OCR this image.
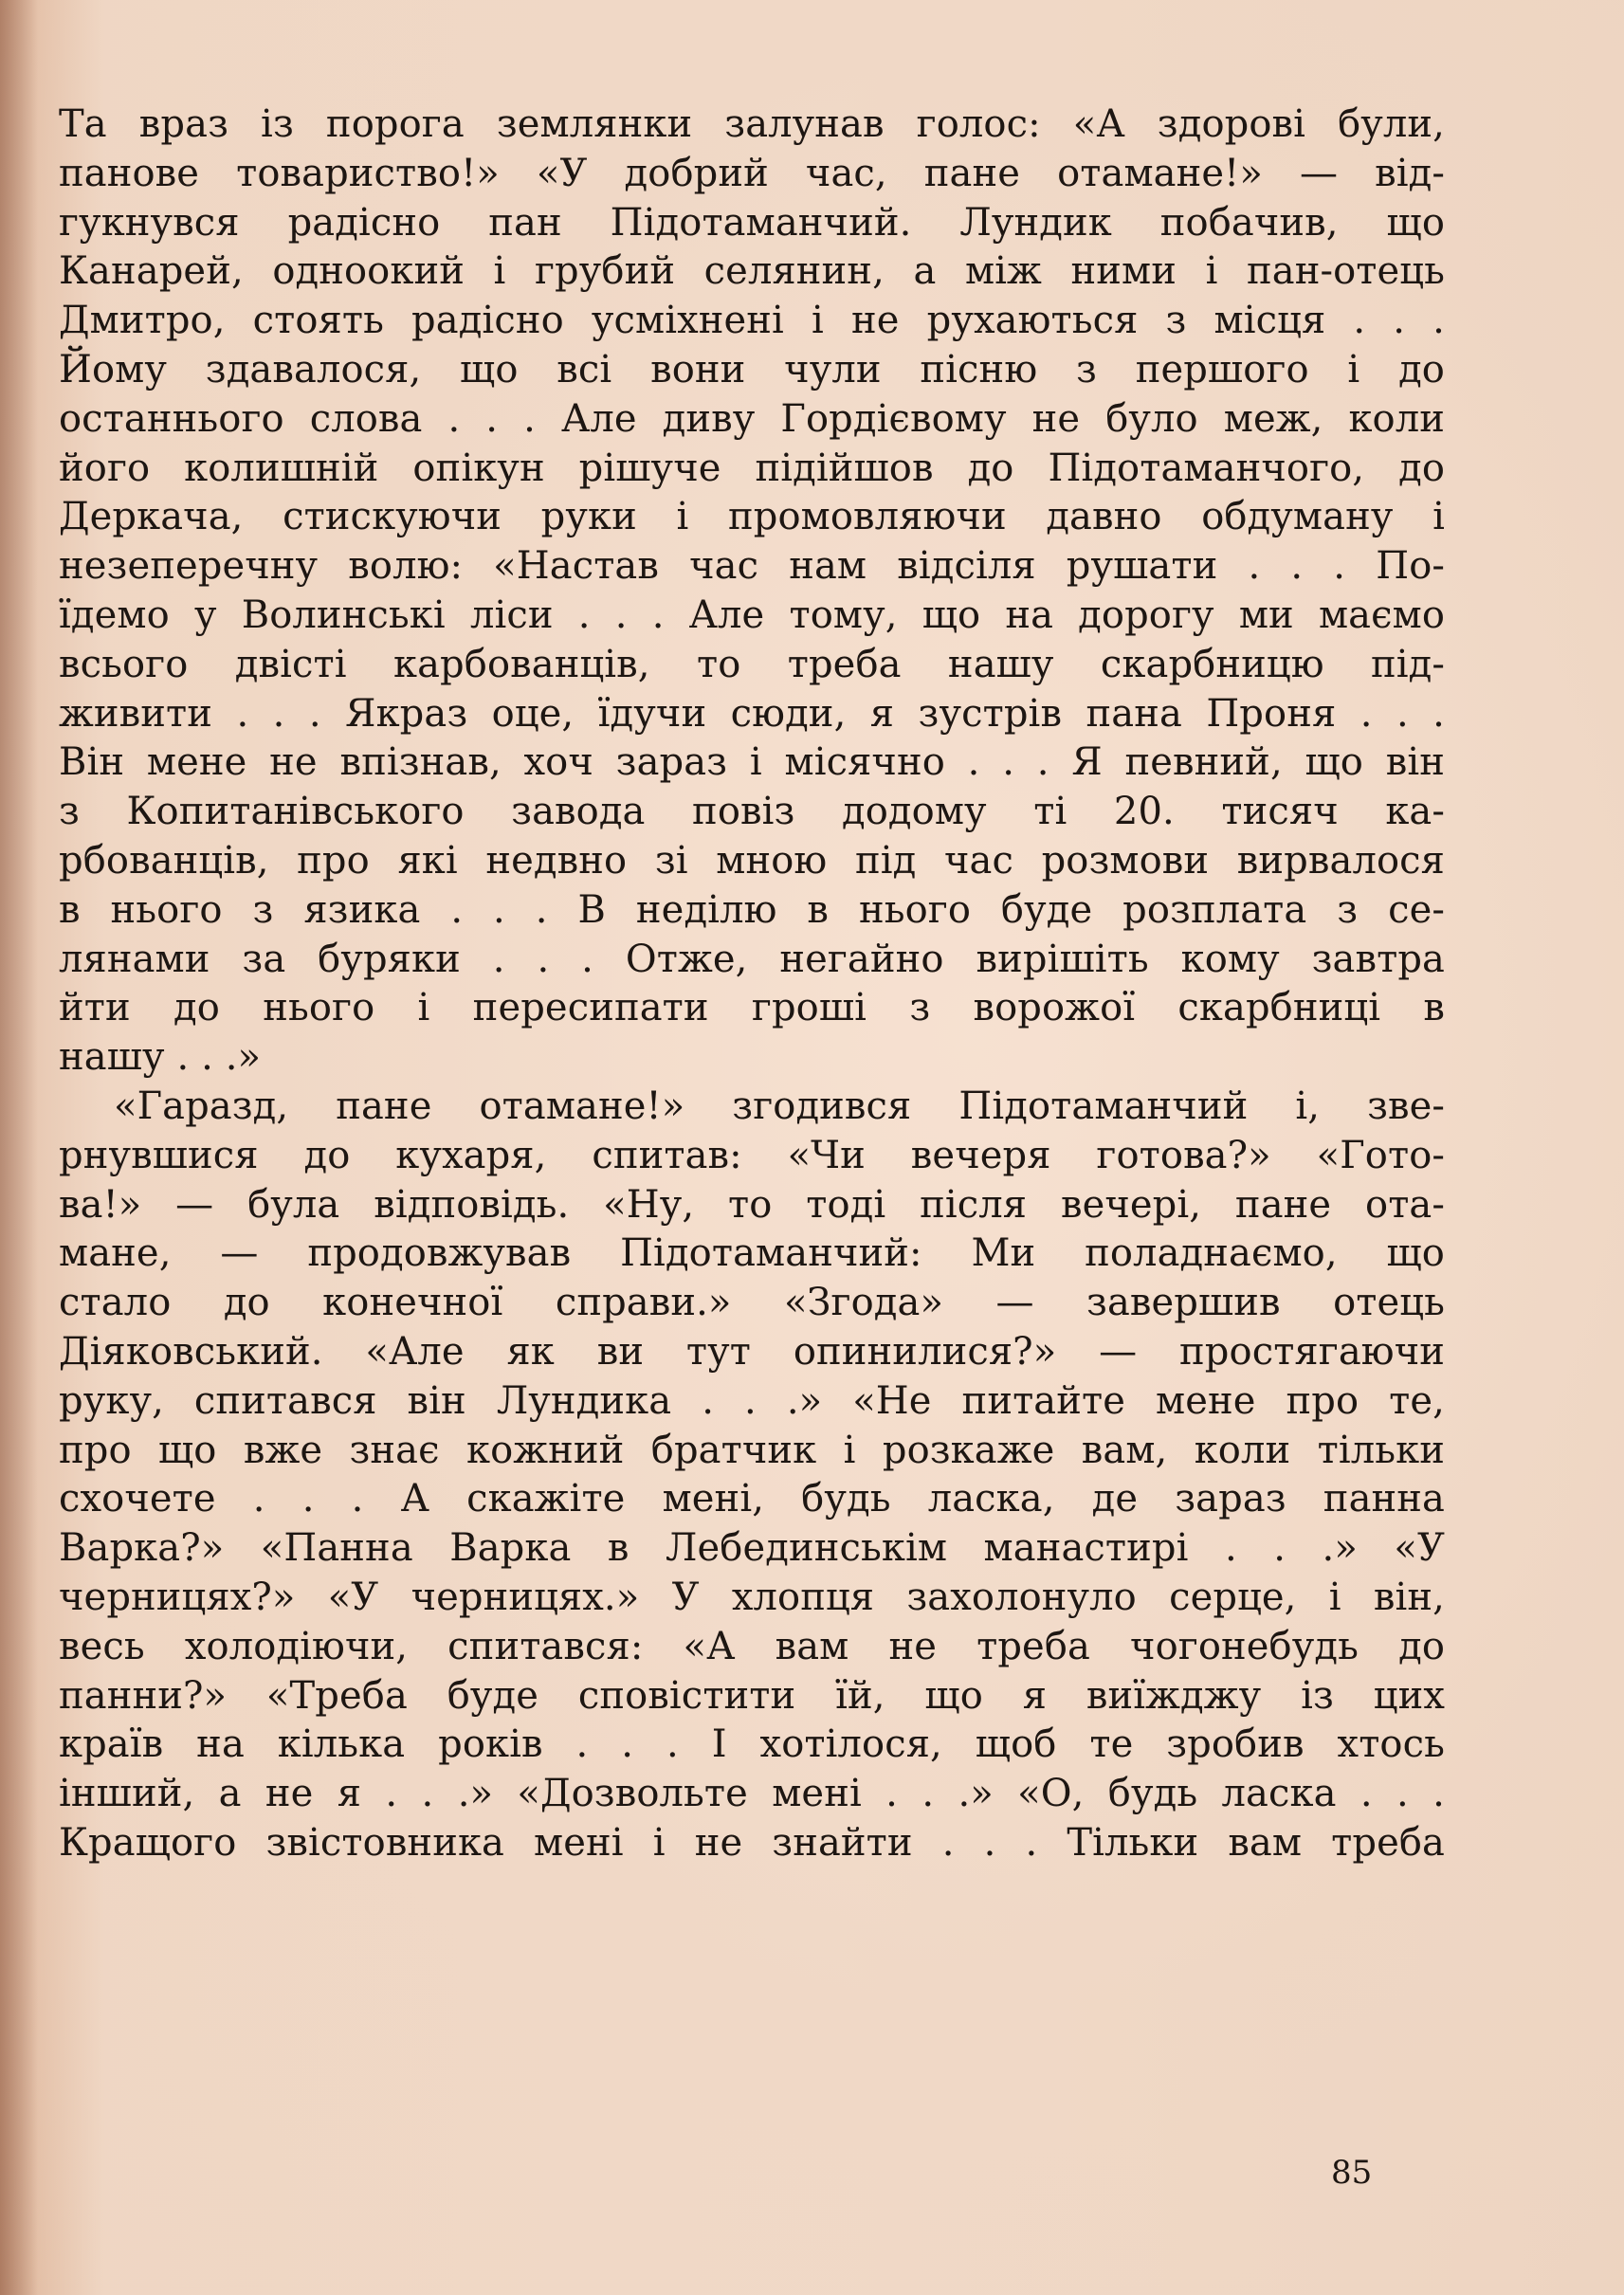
Та враз із порога землянки залунав голос: «А здорові були,
панове товариство!» «У добрий час, пане отамане!» — від-
гукнувся радісно пан Підотаманчий. Лундик побачив, що
Канарей, одноокий і грубий селянин, а між ними і пан-отець
Дмитро, стоять радісно усміхнені і не рухаються з місця . . .
Йому здавалося, що всі вони чули пісню з першого і до
останнього слова . . . Але диву Гордієвому не було меж, коли
його колишній опікун рішуче підійшов до Підотаманчого, до
Деркача, стискуючи руки і промовляючи давно обдуману і
незеперечну волю: «Настав час нам відсіля рушати . . . По-
їдемо у Волинські ліси . . . Але тому, що на дорогу ми маємо
всього двісті карбованців, то треба нашу скарбницю під-
живити . . . Якраз оце, їдучи сюди, я зустрів пана Проня . . .
Він мене не впізнав, хоч зараз і місячно . . . Я певний, що він
з Копитанівського завода повіз додому ті 20. тисяч ка-
рбованців, про які недвно зі мною під час розмови вирвалося
в нього з язика . . . В неділю в нього буде розплата з се-
лянами за буряки . . . Отже, негайно вирішіть кому завтра
йти до нього і пересипати гроші з ворожої скарбниці в
нашу . . .»
«Гаразд, пане отамане!» згодився Підотаманчий і, зве-
рнувшися до кухаря, спитав: «Чи вечеря готова?» «Гото-
ва!» — була відповідь. «Ну, то тоді після вечері, пане ота-
мане, — продовжував Підотаманчий: Ми поладнаємо, що
стало до конечної справи.» «Згода» — завершив отець
Діяковський. «Але як ви тут опинилися?» — простягаючи
руку, спитався він Лундика . . .» «Не питайте мене про те,
про що вже знає кожний братчик і розкаже вам, коли тільки
схочете . . . А скажіте мені, будь ласка, де зараз панна
Варка?» «Панна Варка в Лебединськім манастирі . . .» «У
черницях?» «У черницях.» У хлопця захолонуло серце, і він,
весь холодіючи, спитався: «А вам не треба чогонебудь до
панни?» «Треба буде сповістити їй, що я виїжджу із цих
країв на кілька років . . . І хотілося, щоб те зробив хтось
інший, а не я . . .» «Дозвольте мені . . .» «О, будь ласка . . .
Кращого звістовника мені і не знайти . . . Тільки вам треба
85
